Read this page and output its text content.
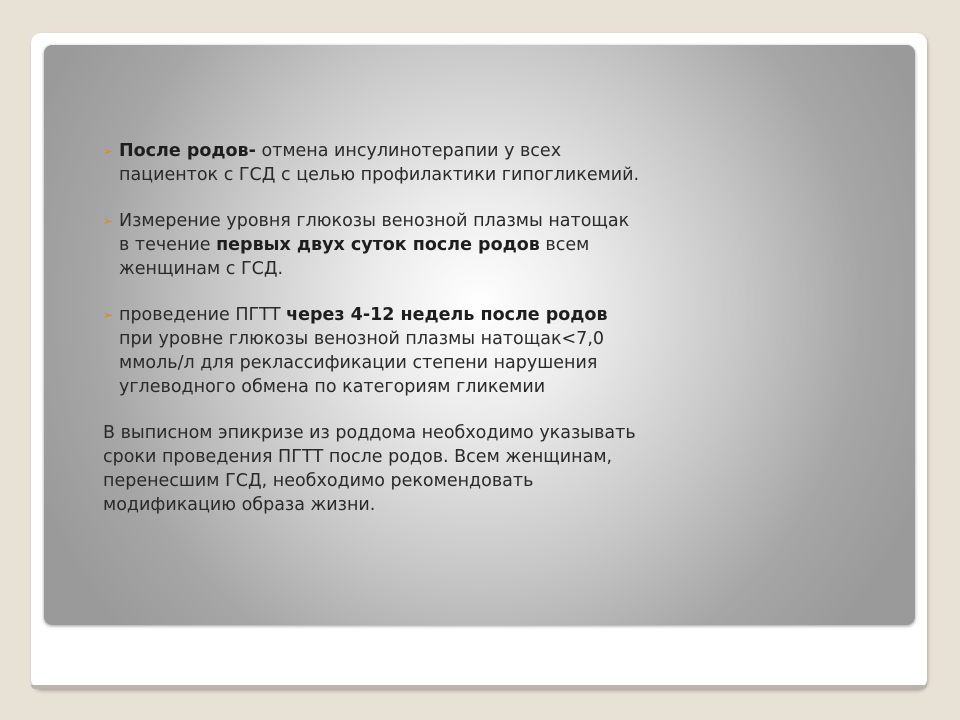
➢ После родов- отмена инсулинотерапии у всех
пациенток с ГСД с целью профилактики гипогликемий.
➢ Измерение уровня глюкозы венозной плазмы натощак
в течение первых двух суток после родов всем
женщинам с ГСД.
➢ проведение ПГТТ через 4-12 недель после родов
при уровне глюкозы венозной плазмы натощак<7,0
ммоль/л для реклассификации степени нарушения
углеводного обмена по категориям гликемии
В выписном эпикризе из роддома необходимо указывать
сроки проведения ПГТТ после родов. Всем женщинам,
перенесшим ГСД, необходимо рекомендовать
модификацию образа жизни.
